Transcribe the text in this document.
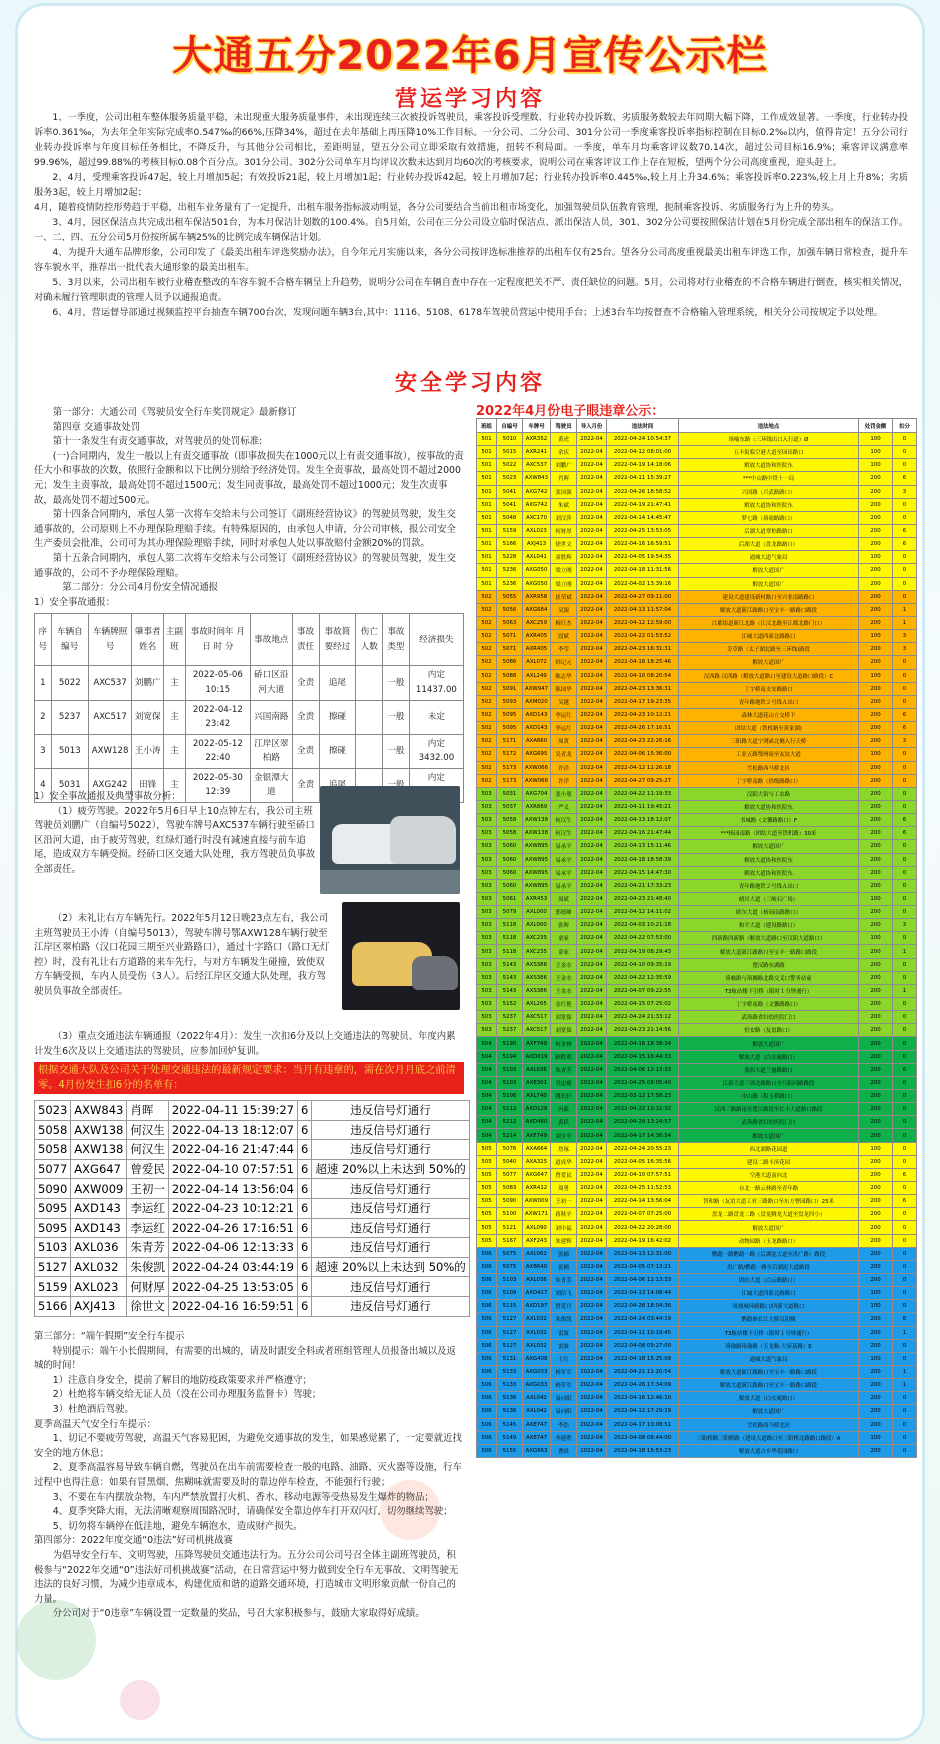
大通五分2022年6月宣传公示栏
营运学习内容

1、一季度，公司出租车整体服务质量平稳，未出现重大服务质量事件，未出现连续三次被投诉驾驶员，乘客投诉受理数、行业转办投诉数、劣质服务数较去年同期大幅下降，工作成效显著。一季度，行业转办投诉率0.361‰，为去年全年实际完成率0.547‰的66%,压降34%，超过在去年基础上再压降10%工作目标。一分公司、二分公司、301分公司一季度乘客投诉率指标控制在目标0.2‰以内，值得肯定！五分公司行业转办投诉率与年度目标任务相比，不降反升，与其他分公司相比，差距明显，望五分公司立即采取有效措施，扭转不利局面。一季度，单车月均乘客评议数70.14次，超过公司目标16.9%；乘客评议满意率99.96%，超过99.88%的考核目标0.08个百分点。301分公司、302分公司单车月均评议次数未达到月均60次的考核要求，说明公司在乘客评议工作上存在短板，望两个分公司高度重视，迎头赶上。

2、4月，受理乘客投诉47起，较上月增加5起；有效投诉21起，较上月增加1起；行业转办投诉42起，较上月增加7起；行业转办投诉率0.445‰,较上月上升34.6%；乘客投诉率0.223%,较上月上升8%；劣质服务3起，较上月增加2起；

4月，随着疫情防控形势趋于平稳，出租车业务量有了一定提升，出租车服务指标波动明显，各分公司要结合当前出租市场变化，加强驾驶员队伍教育管理，扼制乘客投诉、劣质服务行为上升的势头。

3、4月，园区保洁点共完成出租车保洁501台，为本月保洁计划数的100.4%。自5月始，公司在三分公司设立临时保洁点、派出保洁人员，301、302分公司要按照保洁计划在5月份完成全部出租车的保洁工作。一、二、四、五分公司5月份按所属车辆25%的比例完成车辆保洁计划。

4、为提升大通车品牌形象，公司印发了《最美出租车评选奖励办法》，自今年元月实施以来，各分公司按评选标准推荐的出租车仅有25台。望各分公司高度重视最美出租车评选工作，加强车辆日常检查，提升车容车貌水平，推荐出一批代表大通形象的最美出租车。

5、3月以来，公司出租车被行业稽查整改的车容车貌不合格车辆呈上升趋势，说明分公司在车辆自查中存在一定程度把关不严、责任缺位的问题。5月，公司将对行业稽查的不合格车辆进行倒查，核实相关情况，对确未履行管理职责的管理人员予以通报追责。

6、4月，营运督导部通过视频监控平台抽查车辆700台次，发现问题车辆3台,其中：1116、5108、6178车驾驶员营运中使用手台；上述3台车均按督查不合格输入管理系统，相关分公司按规定予以处理。

安全学习内容

第一部分：大通公司《驾驶员安全行车奖罚规定》最新修订

第四章 交通事故处罚

第十一条发生有责交通事故，对驾驶员的处罚标准:

(一)合同期内，发生一般以上有责交通事故（即事故损失在1000元以上有责交通事故），按事故的责任大小和事故的次数，依照行金额和以下比例分别给予经济处罚。发生全责事故，最高处罚不超过2000元；发生主责事故，最高处罚不超过1500元；发生同责事故，最高处罚不超过1000元；发生次责事故，最高处罚不超过500元。

第十四条合同期内，承包人第一次将车交给未与公司签订《副班经营协议》的驾驶员驾驶，发生交通事故的，公司原则上不办理保险理赔手续。有特殊原因的，由承包人申请，分公司审核，报公司安全生产委员会批准，公司可为其办理保险理赔手续，同时对承包人处以事故赔付金额20%的罚款。

第十五条合同期内，承包人第二次将车交给未与公司签订《副班经营协议》的驾驶员驾驶，发生交通事故的，公司不予办理保险理赔。

第二部分：分公司4月份安全情况通报

1）安全事故通报：
序号	车辆自编号	车辆牌照号	肇事者姓名	主副班	事故时间年 月 日 时 分	事故地点	事故责任	事故简要经过	伤亡人数	事故类型	经济损失
1	5022	AXC537	刘鹏广	主	2022-05-06 10:15	硚口区沿河大道	全责	追尾		一般	内定11437.00
2	5237	AXC517	刘宽保	主	2022-04-12 23:42	兴国南路	全责	擦碰		一般	未定
3	5013	AXW128	王小涛	主	2022-05-12 22:40	江岸区翠柏路	全责	擦碰		一般	内定 3432.00
4	5031	AXG242	田锋	主	2022-05-30 12:39	金银潭大道	全责				内定
1）安全事故通报及典型事故分析：

（1）疲劳驾驶。2022年5月6日早上10点钟左右，我公司主班驾驶员刘鹏广（自编号5022），驾驶车牌号AXC537车辆行驶至硚口区沿河大道，由于疲劳驾驶，红绿灯通行时没有减速直接与前车追尾，造成双方车辆受损。经硚口区交通大队处理，我方驾驶员负事故全部责任。

（2）未礼让右方车辆先行。2022年5月12日晚23点左右，我公司主班驾驶员王小涛（自编号5013），驾驶车牌号鄂AXW128车辆行驶至江岸区翠柏路（汉口花园三期至兴业路路口），通过十字路口（路口无灯控）时，没有礼让右方道路的来车先行，与对方车辆发生碰撞，致使双方车辆受损，车内人员受伤（3人）。后经江岸区交通大队处理，我方驾驶员负事故全部责任。

（3）重点交通违法车辆通报（2022年4月）：发生一次扣6分及以上交通违法的驾驶员、年度内累计发生6次及以上交通违法的驾驶员，应参加回炉复训。

根据交通大队及公司关于处理交通违法的最新规定要求：当月有违章的，需在次月月底之前清零。4月份发生扣6分的名单有：
5023	AXW843	肖晖	2022-04-11 15:39:27	6	违反信号灯通行
5058	AXW138	何汉生	2022-04-13 18:12:07	6	违反信号灯通行
5058	AXW138	何汉生	2022-04-16 21:47:44	6	违反信号灯通行
5077	AXG647	曾爱民	2022-04-10 07:57:51	6	超速 20%以上未达到 50%的
5090	AXW009	王初一	2022-04-14 13:56:04	6	违反信号灯通行
5095	AXD143	李运红	2022-04-23 10:12:21	6	违反信号灯通行
5095	AXD143	李运红	2022-04-26 17:16:51	6	违反信号灯通行
5103	AXL036	朱青芳	2022-04-06 12:13:33	6	违反信号灯通行
5127	AXL032	朱俊凯	2022-04-24 03:44:19	6	超速 20%以上未达到 50%的
5159	AXL023	何财厚	2022-04-25 13:53:05	6	违反信号灯通行
5166	AXJ413	徐世文	2022-04-16 16:59:51	6	违反信号灯通行
第三部分：“端午假期”安全行车提示

特别提示：端午小长假期间，有需要的出城的，请及时跟安全科或者班组管理人员报备出城以及返城的时间！

1）注意自身安全，提前了解目的地防疫政策要求并严格遵守；

2）杜绝将车辆交给无证人员（没在公司办理服务监督卡）驾驶；

3）杜绝酒后驾驶。

夏季高温天气安全行车提示：

1、切记不要疲劳驾驶，高温天气容易犯困，为避免交通事故的发生，如果感觉累了，一定要就近找安全的地方休息；

2、夏季高温容易导致车辆自燃，驾驶员在出车前需要检查一般的电路、油路、灭火器等设施，行车过程中也得注意：如果有冒黑烟、焦糊味就需要及时的靠边停车检查，不能强行行驶；

3、不要在车内摆放杂物，车内严禁放置打火机、香水、移动电源等受热易发生爆炸的物品；

4、夏季突降大雨，无法清晰观察周围路况时，请确保安全靠边停车打开双闪灯，切勿继续驾驶；

5、切勿将车辆停在低洼地，避免车辆泡水，造成财产损失。

第四部分：2022年度交通“0违法”好司机挑战赛

为倡导安全行车、文明驾驶，压降驾驶员交通违法行为。五分公司公司号召全体主副班驾驶员，积极参与“2022年交通“0”违法好司机挑战赛”活动，在日常营运中努力做到安全行车无事故、文明驾驶无违法的良好习惯，为减少违章成本，构建优质和谐的道路交通环境，打造城市文明形象贡献一份自己的力量。

分公司对于“0违章”车辆设置一定数量的奖品，号召大家积极参与，鼓励大家取得好成绩。

2022年4月份电子眼违章公示：
班组	自编号	车牌号	驾驶员	导入月份	违法时间	违法地点	处罚金额	扣分
501	5010	AXR352	黄虎	2022-04	2022-04-24 10:54:37	珞喻东路（三环线出口入行道）Ø	100	0
501	5015	AXR241	余庆	2022-04	2022-04-12 08:01:00	五丰街临空港大道至园田路口	100	0
501	5022	AXC537	刘鹏广	2022-04	2022-04-19 14:18:06	解放大道协和医院东	100	0
501	5023	AXW843	肖晖	2022-04	2022-04-11 15:39:27	***中山路中铁十一局	200	6
501	5041	AXG742	张国强	2022-04	2022-04-26 18:58:52	兴国路（兴武路路口）	200	3
501	5041	AXG742	朱斌	2022-04	2022-04-19 21:47:41	解放大道协和医院东	200	0
501	5048	AXC170	刘汉萍	2022-04	2022-04-14 14:45:47	梦七路（珞瑜路路口）	200	0
501	5159	AXL023	何财厚	2022-04	2022-04-25 13:53:05	后湖大道翠柏路路口	200	6
501	5166	AXJ413	徐世文	2022-04	2022-04-16 16:59:51	后湖大道（盘龙路路口）	200	6
501	5228	AXL041	童胜辉	2022-04	2022-04-05 19:54:35	通城大道气象局	100	0
501	5236	AXG050	梁立刚	2022-04	2022-04-18 11:31:56	解放大道国广	200	0
501	5236	AXG050	梁立刚	2022-04	2022-04-02 13:39:16	解放大道国广	200	0
502	5055	AXR958	崔荣斌	2022-04	2022-04-27 09:11:00	建设大道建设新村路口至兴业南路路口	200	0
502	5056	AXG684	吴源	2022-04	2022-04-13 11:57:04	解放大道新江路路口至宝丰一路路口路段	200	1
502	5063	AXC259	梅红杰	2022-04	2022-04-12 12:59:00	江都街道新江北路（江汉北路至江都北路门口）	200	1
502	5071	AXR405	段斌	2022-04	2022-04-22 01:53:52	江城大道四新北路路口	100	3
502	5071	AXR405	李莹	2022-04	2022-04-23 16:31:31	芳草路（太子湖北路至三环线)路段	200	3
502	5086	AXL072	韩记元	2022-04	2022-04-18 18:25:46	解放大道国广	200	0
502	5088	AXL249	陈志华	2022-04	2022-04-10 08:20:54	汉西路·汉西路（解放大道路口至建设大道路口路段）C	100	0
502	5091	AXW947	陈国华	2022-04	2022-04-23 13:36:31	丁字桥南支安路路口	200	0
502	5093	AXM020	吴越	2022-04	2022-04-17 19:23:35	青年路地铁２号线Ａ出口	200	0
502	5095	AXD143	李运红	2022-04	2022-04-23 10:12:21	森林大道花山立交桥下	200	6
502	5095	AXD143	李运红	2022-04	2022-04-26 17:16:51	团结大道（铁机路至黄家湖)	200	6
502	5171	AXA660	周黄	2022-04	2022-04-23 22:26:16	三阳路大道宁浏浠北侧入行天桥	200	3
502	5172	AXG695	吴青龙	2022-04	2022-04-06 15:36:00	工业五路鄂州街至友谊大道	100	0
502	5173	AXW066	许洋	2022-04	2022-04-12 12:26:18	雪松路西马桥北区	200	0
502	5173	AXW066	许洋	2022-04	2022-04-27 09:25:27	丁字桥南路（拾级路路口）	200	0
503	5031	AXG704	张小朋	2022-04	2022-04-22 11:19:33	汉阳大街与工农路	200	0
503	5037	AXR869	严义	2022-04	2022-04-11 19:45:21	解放大道协和医院东	200	0
503	5058	AXW138	何汉生	2022-04	2022-04-13 18:12:07	书城路（文馨路路口）F	200	6
503	5058	AXW138	何汉生	2022-04	2022-04-16 21:47:44	***杨园南路（团结大道至铁机路）30米	200	6
503	5060	AXW895	易承平	2022-04	2022-04-13 15:11:46	解放大道国广	200	0
503	5060	AXW895	易承平	2022-04	2022-04-18 18:58:39	解放大道协和医院东	200	0
503	5060	AXW895	易承平	2022-04	2022-04-15 14:47:30	解放大道协和医院东	200	0
503	5060	AXW895	易承平	2022-04	2022-04-21 17:33:23	青年路地铁２号线Ａ出口	200	0
503	5061	AXR453	周斌	2022-04	2022-04-23 21:48:40	晴川大道（三峡石广场）	100	0
503	5079	AXL000	郭德峰	2022-04	2022-04-12 14:11:02	欧尔大道（杨园南路路口）	200	0
503	5118	AXL000	张晖	2022-04	2022-04-03 10:21:18	和平大道（建设路路口）	200	3
503	5118	AXC235	童家	2022-04	2022-04-22 07:53:00	四新路四新路（解放大道路口至汉阳大道路口）	100	0
503	5118	AXC235	童家	2022-04	2022-04-19 08:29:43	解放大道新江路路口至宝丰一路路口路段	200	1
503	5143	AXS386	王金水	2022-04	2022-04-10 09:35:19	楚汉路东湖路	200	0
503	5143	AXS386	王金水	2022-04	2022-04-22 12:35:59	珞喻路与珞狮路北路交叉口警务站前	200	0
503	5143	AXS386	王金水	2022-04	2022-04-07 09:22:55	T3航站楼下引桥（限时１分钟通行）	200	1
503	5152	AXL265	金红艳	2022-04	2022-04-15 07:25:02	丁字桥南路（文馨路路口）	200	0
503	5237	AXC517	刘宽保	2022-04	2022-04-24 21:33:12	武珞路省妇幼医院门口	200	0
503	5237	AXC517	刘宽保	2022-04	2022-04-23 21:14:56	恒安路（友谊路口）	200	0
504	5190	AXF749	何金林	2022-04	2022-04-16 18:38:34	解放大道国广	200	0
504	5194	AXD019	顾胜利	2022-04	2022-04-15 16:44:33	解放大道（白衣庵路口）	200	0
504	5103	AXL036	朱青芳	2022-04	2022-04-06 12:13:33	墨西大道兰惠路路口	200	6
504	5103	AXE301	吴忠毅	2022-04	2022-04-25 08:05:40	江新大道三周北路路口至旦阳河路路段	200	0
504	5106	AXL740	姚长轩	2022-04	2022-03-12 17:58:23	中山路（积玉桥路口）	200	0
504	5112	AXD128	冯毅	2022-04	2022-04-22 10:32:32	汉西三路路南至楚江路段至长丰大道路口路段	200	0
504	5212	AXD460	黄跃	2022-04	2022-04-29 13:24:57	武珞路省妇幼医院门口	200	0
504	5214	AXF749	刘少平	2022-04	2022-04-17 14:36:54	解放大道国广	200	0
505	5076	AXA664	詹琢	2022-04	2022-04-24 20:55:23	西北湖路花园道	100	0
505	5040	AXA325	道成华	2022-04	2022-04-05 16:35:56	建设二路丰滨花园	200	0
505	5077	AXG647	曾爱民	2022-04	2022-04-10 07:57:51	空港大道南向北	200	6
505	5083	AXR412	周勇	2022-04	2022-04-25 11:52:53	台北一路云林路至青年路	200	0
505	5090	AXW009	王初一	2022-04	2022-04-14 13:56:04	智和路（友谊大道工业三路路口至东方曹园路口）25米	200	6
505	5100	AXW171	蒋秋平	2022-04	2022-04-07 07:25:00	盘龙二路盘龙二路（盘龙腾龙大道至盘龙四小）	200	0
505	5121	AXL090	刘中福	2022-04	2022-04-22 20:28:00	解放大道国广	200	0
505	5167	AXF243	朱建辉	2022-04	2022-04-19 16:42:02	动物园路（玉龙路路口）	200	0
506	5075	AXL062	张楠	2022-04	2022-04-13 12:31:00	鹦鹉一路鹦鹉一路（后湖泥大道至洪广路）路段	200	0
506	5075	AXB640	张楠	2022-04	2022-04-05 07:13:21	洪广路/鹦鹉一路至后湖泥大道路段	200	0
506	5103	AXL036	朱青芳	2022-04	2022-04-06 12:13:33	团结大道（白云路路口）	200	0
506	5109	AXD417	刘信飞	2022-04	2022-04-13 14:08:44	江城大道四新北路路口	100	0
506	5115	AXD197	曾爱月	2022-04	2022-04-28 18:04:36	凤凰城环路路口/四新大道路口	100	0
506	5127	AXL032	朱俊凯	2022-04	2022-04-24 03:44:19	鹦鹉洲长江大桥汉阳侧	200	6
506	5127	AXL032	雷波	2022-04	2022-04-11 10:19:45	T3航站楼下引桥（限时１分钟通行）	200	1
506	5127	AXL032	雷波	2022-04	2022-04-08 09:27:00	珞瑜路珞瑜路（玉龙路-大屋基路）E	200	0
506	5131	AXG408	王红	2022-04	2022-04-18 15:25:09	通城大道气象局	100	0
506	5133	AXG033	杨军军	2022-04	2022-04-21 11:20:54	解放大道新江路路口至宝丰一路路口路段	200	1
506	5133	AXG033	杨军军	2022-04	2022-04-26 17:34:09	解放大道新江路路口至宝丰一路路口路段	200	1
506	5136	AXL042	易向阳	2022-04	2022-04-16 12:46:10	解放大道（白衣庵路口）	200	0
506	5136	AXL042	易向阳	2022-04	2022-04-12 17:29:19	解放大道国广	200	0
506	5145	AXE747	李浩	2022-04	2022-04-17 10:08:51	雪松路西马桥北区	200	0
506	5149	AXE747	李建利	2022-04	2022-04-08 08:44:00	三阳桥路三阳桥路（建设大道路口至三阳桥北路路口路段）A	100	0
506	5155	AXG663	曹晨	2022-04	2022-04-18 15:53:23	解放大道古乡华花园路口	200	0
